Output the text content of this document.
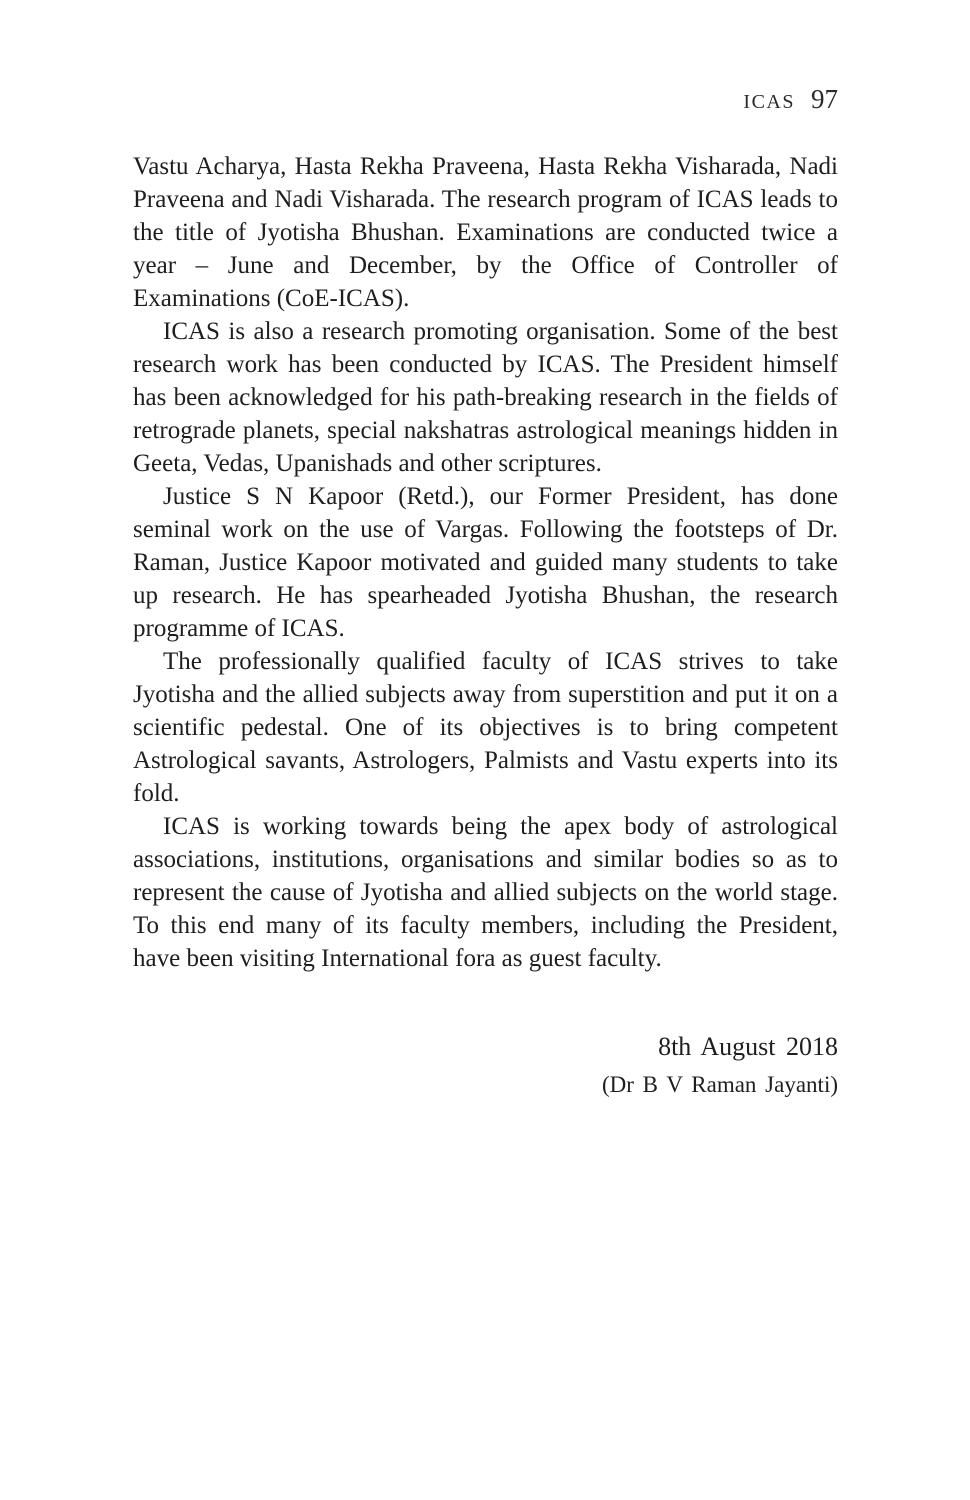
ICAS 97

Vastu Acharya, Hasta Rekha Praveena, Hasta Rekha Visharada, Nadi Praveena and Nadi Visharada. The research program of ICAS leads to the title of Jyotisha Bhushan. Examinations are conducted twice a year – June and December, by the Office of Controller of Examinations (CoE-ICAS).

ICAS is also a research promoting organisation. Some of the best research work has been conducted by ICAS. The President himself has been acknowledged for his path-breaking research in the fields of retrograde planets, special nakshatras astrological meanings hidden in Geeta, Vedas, Upanishads and other scriptures.

Justice S N Kapoor (Retd.), our Former President, has done seminal work on the use of Vargas. Following the footsteps of Dr. Raman, Justice Kapoor motivated and guided many students to take up research. He has spearheaded Jyotisha Bhushan, the research programme of ICAS.

The professionally qualified faculty of ICAS strives to take Jyotisha and the allied subjects away from superstition and put it on a scientific pedestal. One of its objectives is to bring competent Astrological savants, Astrologers, Palmists and Vastu experts into its fold.

ICAS is working towards being the apex body of astrological associations, institutions, organisations and similar bodies so as to represent the cause of Jyotisha and allied subjects on the world stage. To this end many of its faculty members, including the President, have been visiting International fora as guest faculty.

8th August 2018
(Dr B V Raman Jayanti)
